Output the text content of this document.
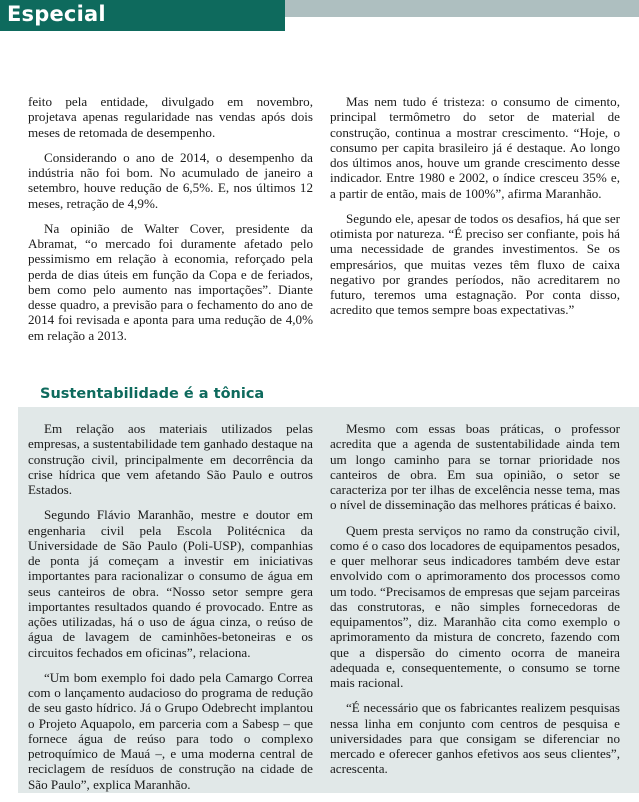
Especial

feito pela entidade, divulgado em novembro, projetava apenas regularidade nas vendas após dois meses de retomada de desempenho.

Considerando o ano de 2014, o desempenho da indústria não foi bom. No acumulado de janeiro a setembro, houve redução de 6,5%. E, nos últimos 12 meses, retração de 4,9%.

Na opinião de Walter Cover, presidente da Abramat, “o mercado foi duramente afetado pelo pessimismo em relação à economia, reforçado pela perda de dias úteis em função da Copa e de feriados, bem como pelo aumento nas importações”. Diante desse quadro, a previsão para o fechamento do ano de 2014 foi revisada e aponta para uma redução de 4,0% em relação a 2013.

Mas nem tudo é tristeza: o consumo de cimento, principal termômetro do setor de material de construção, continua a mostrar crescimento. “Hoje, o consumo per capita brasileiro já é destaque. Ao longo dos últimos anos, houve um grande crescimento desse indicador. Entre 1980 e 2002, o índice cresceu 35% e, a partir de então, mais de 100%”, afirma Maranhão.

Segundo ele, apesar de todos os desafios, há que ser otimista por natureza. “É preciso ser confiante, pois há uma necessidade de grandes investimentos. Se os empresários, que muitas vezes têm fluxo de caixa negativo por grandes períodos, não acreditarem no futuro, teremos uma estagnação. Por conta disso, acredito que temos sempre boas expectativas.”

Sustentabilidade é a tônica

Em relação aos materiais utilizados pelas empresas, a sustentabilidade tem ganhado destaque na construção civil, principalmente em decorrência da crise hídrica que vem afetando São Paulo e outros Estados.

Segundo Flávio Maranhão, mestre e doutor em engenharia civil pela Escola Politécnica da Universidade de São Paulo (Poli-USP), companhias de ponta já começam a investir em iniciativas importantes para racionalizar o consumo de água em seus canteiros de obra. “Nosso setor sempre gera importantes resultados quando é provocado. Entre as ações utilizadas, há o uso de água cinza, o reúso de água de lavagem de caminhões-betoneiras e os circuitos fechados em oficinas”, relaciona.

“Um bom exemplo foi dado pela Camargo Correa com o lançamento audacioso do programa de redução de seu gasto hídrico. Já o Grupo Odebrecht implantou o Projeto Aquapolo, em parceria com a Sabesp – que fornece água de reúso para todo o complexo petroquímico de Mauá –, e uma moderna central de reciclagem de resíduos de construção na cidade de São Paulo”, explica Maranhão.

Mesmo com essas boas práticas, o professor acredita que a agenda de sustentabilidade ainda tem um longo caminho para se tornar prioridade nos canteiros de obra. Em sua opinião, o setor se caracteriza por ter ilhas de excelência nesse tema, mas o nível de disseminação das melhores práticas é baixo.

Quem presta serviços no ramo da construção civil, como é o caso dos locadores de equipamentos pesados, e quer melhorar seus indicadores também deve estar envolvido com o aprimoramento dos processos como um todo. “Precisamos de empresas que sejam parceiras das construtoras, e não simples fornecedoras de equipamentos”, diz. Maranhão cita como exemplo o aprimoramento da mistura de concreto, fazendo com que a dispersão do cimento ocorra de maneira adequada e, consequentemente, o consumo se torne mais racional.

“É necessário que os fabricantes realizem pesquisas nessa linha em conjunto com centros de pesquisa e universidades para que consigam se diferenciar no mercado e oferecer ganhos efetivos aos seus clientes”, acrescenta.
